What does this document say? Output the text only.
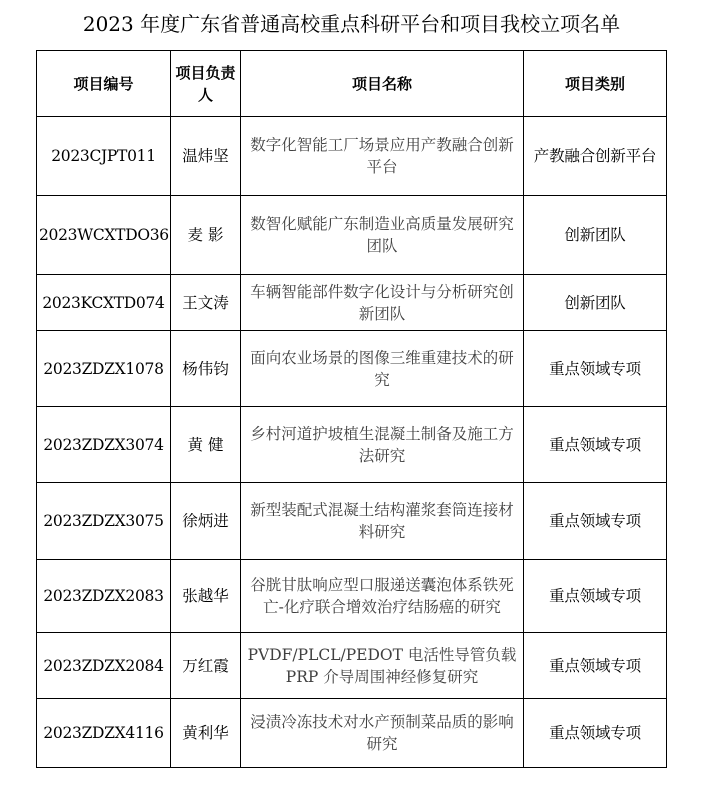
2023 年度广东省普通高校重点科研平台和项目我校立项名单
项目编号	项目负责人	项目名称	项目类别
2023CJPT011	温炜坚	数字化智能工厂场景应用产教融合创新平台	产教融合创新平台
2023WCXTDO36	麦 影	数智化赋能广东制造业高质量发展研究团队	创新团队
2023KCXTD074	王文涛	车辆智能部件数字化设计与分析研究创新团队	创新团队
2023ZDZX1078	杨伟钧	面向农业场景的图像三维重建技术的研究	重点领域专项
2023ZDZX3074	黄 健	乡村河道护坡植生混凝土制备及施工方法研究	重点领域专项
2023ZDZX3075	徐炳进	新型装配式混凝土结构灌浆套筒连接材料研究	重点领域专项
2023ZDZX2083	张越华	谷胱甘肽响应型口服递送囊泡体系铁死亡-化疗联合增效治疗结肠癌的研究	重点领域专项
2023ZDZX2084	万红霞	PVDF/PLCL/PEDOT 电活性导管负载 PRP 介导周围神经修复研究	重点领域专项
2023ZDZX4116	黄利华	浸渍冷冻技术对水产预制菜品质的影响研究	重点领域专项
